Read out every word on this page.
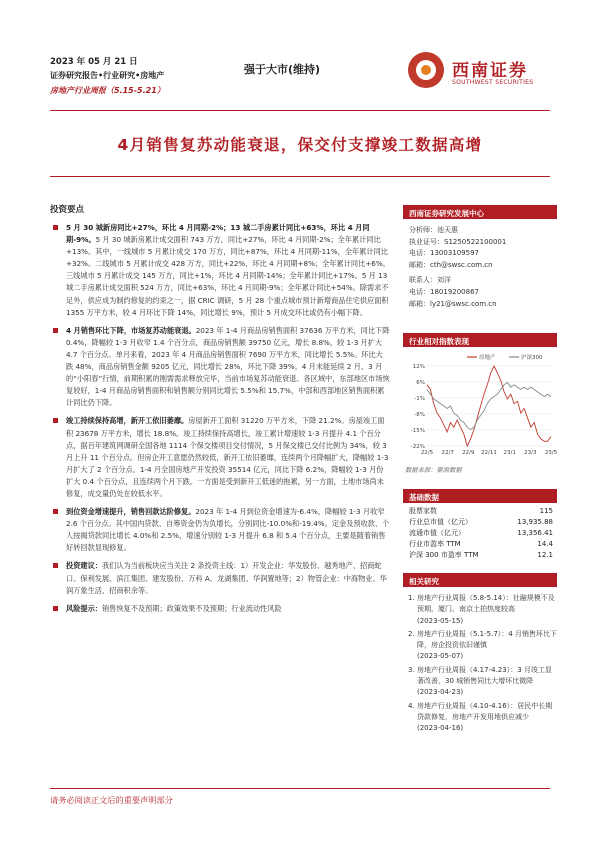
2023 年 05 月 21 日
证券研究报告•行业研究•房地产
房地产行业周报（5.15-5.21）
强于大市(维持)	西南证券
SOUTHWEST SECURITIES
4月销售复苏动能衰退，保交付支撑竣工数据高增
投资要点
5 月 30 城新房同比+27%，环比 4 月同期-2%；13 城二手房累计同比+63%，环比 4 月同期-9%。5 月 30 城新房累计成交面积 743 万方，同比+27%，环比 4 月同期-2%；全年累计同比+13%。其中，一线城市 5 月累计成交 170 万方，同比+87%，环比 4 月同期-11%，全年累计同比+32%。二线城市 5 月累计成交 428 万方，同比+22%，环比 4 月同期+8%；全年累计同比+6%。三线城市 5 月累计成交 145 万方，同比+1%，环比 4 月同期-14%；全年累计同比+17%。5 月 13 城二手房累计成交面积 524 万方，同比+63%，环比 4 月同期-9%；全年累计同比+54%。除需求不足外，供应成为制约修复的约束之一，据 CRIC 调研，5 月 28 个重点城市预计新增商品住宅供应面积 1355 万平方米，较 4 月环比下降 14%，同比增长 9%，预计 5 月成交环比或仍有小幅下降。
4 月销售环比下降，市场复苏动能衰退。2023 年 1-4 月商品房销售面积 37636 万平方米，同比下降 0.4%，降幅较 1-3 月收窄 1.4 个百分点，商品房销售额 39750 亿元，增长 8.8%，较 1-3 月扩大 4.7 个百分点。单月来看，2023 年 4 月商品房销售面积 7690 万平方米，同比增长 5.5%。环比大跌 48%，商品房销售金额 9205 亿元，同比增长 28%，环比下降 39%。4 月未能延续 2 月、3 月的“小阳春”行情，前期积累的刚需需求释放完毕，当前市场复苏动能衰退。各区域中，东部地区市场恢复较好，1-4 月商品房销售面积和销售额分别同比增长 5.5%和 15.7%，中部和西部地区销售面积累计同比仍下降。
竣工持续保持高增，新开工依旧萎靡。房屋新开工面积 31220 万平方米，下降 21.2%。房屋竣工面积 23678 万平方米，增长 18.8%。竣工持续保持高增长，竣工累计增速较 1-3 月提升 4.1 个百分点，据百年建筑网调研全国各地 1114 个保交楼项目交付情况，5 月保交楼已交付比例为 34%，较 3 月上升 11 个百分点。但房企开工意愿仍然较低，新开工依旧萎靡，连续两个月降幅扩大，降幅较 1-3 月扩大了 2 个百分点。1-4 月全国房地产开发投资 35514 亿元，同比下降 6.2%，降幅较 1-3 月份扩大 0.4 个百分点，且连续两个月下跌。一方面是受到新开工低迷的拖累，另一方面，土地市场尚未修复，成交量仍处在较低水平。
到位资金增速提升，销售回款达阶修复。2023 年 1-4 月到位资金增速为-6.4%，降幅较 1-3 月收窄 2.6 个百分点。其中国内贷款、自筹资金仍为负增长，分别同比-10.0%和-19.4%。定金及预收款、个人按揭贷款同比增长 4.0%和 2.5%，增速分别较 1-3 月提升 6.8 和 5.4 个百分点，主要是随着销售好转回款显现修复。
投资建议：我们认为当前板块应当关注 2 条投资主线：1）开发企业：华发股份、越秀地产、招商蛇口、保利发展、滨江集团、建发股份、万科 A、龙湖集团、华润置地等；2）物管企业：中海物业、华润万象生活、招商积余等。
风险提示：销售恢复不及预期；政策效果不及预期；行业流动性风险
西南证券研究发展中心
分析师：池天惠
执业证号：S1250522100001
电话：13003109597
邮箱：cth@swsc.com.cn
联系人：刘洋
电话：18019200867
邮箱：ly21@swsc.com.cn
行业相对指数表现
12%
6%
-1%
-8%
-15%
-22%
22/5 22/7 22/9 22/11 23/1 23/3 23/5
房地产	沪深300
数据来源：聚源数据
基础数据
股票家数	115
行业总市值（亿元）	13,935.88
流通市值（亿元）	13,356.41
行业市盈率 TTM	14.4
沪深 300 市盈率 TTM	12.1
相关研究
1. 房地产行业周报（5.8-5.14）：社融规模不及预期，厦门、南京土拍热度较高
(2023-05-15)
2. 房地产行业周报（5.1-5.7）：4 月销售环比下降，房企投资依旧谨慎
(2023-05-07)
3. 房地产行业周报（4.17-4.23）：3 月竣工显著改善，30 城销售同比大增环比微降
(2023-04-23)
4. 房地产行业周报（4.10-4.16）：居民中长期贷款修复，房地产开发用地供应减少
(2023-04-16)
请务必阅读正文后的重要声明部分
